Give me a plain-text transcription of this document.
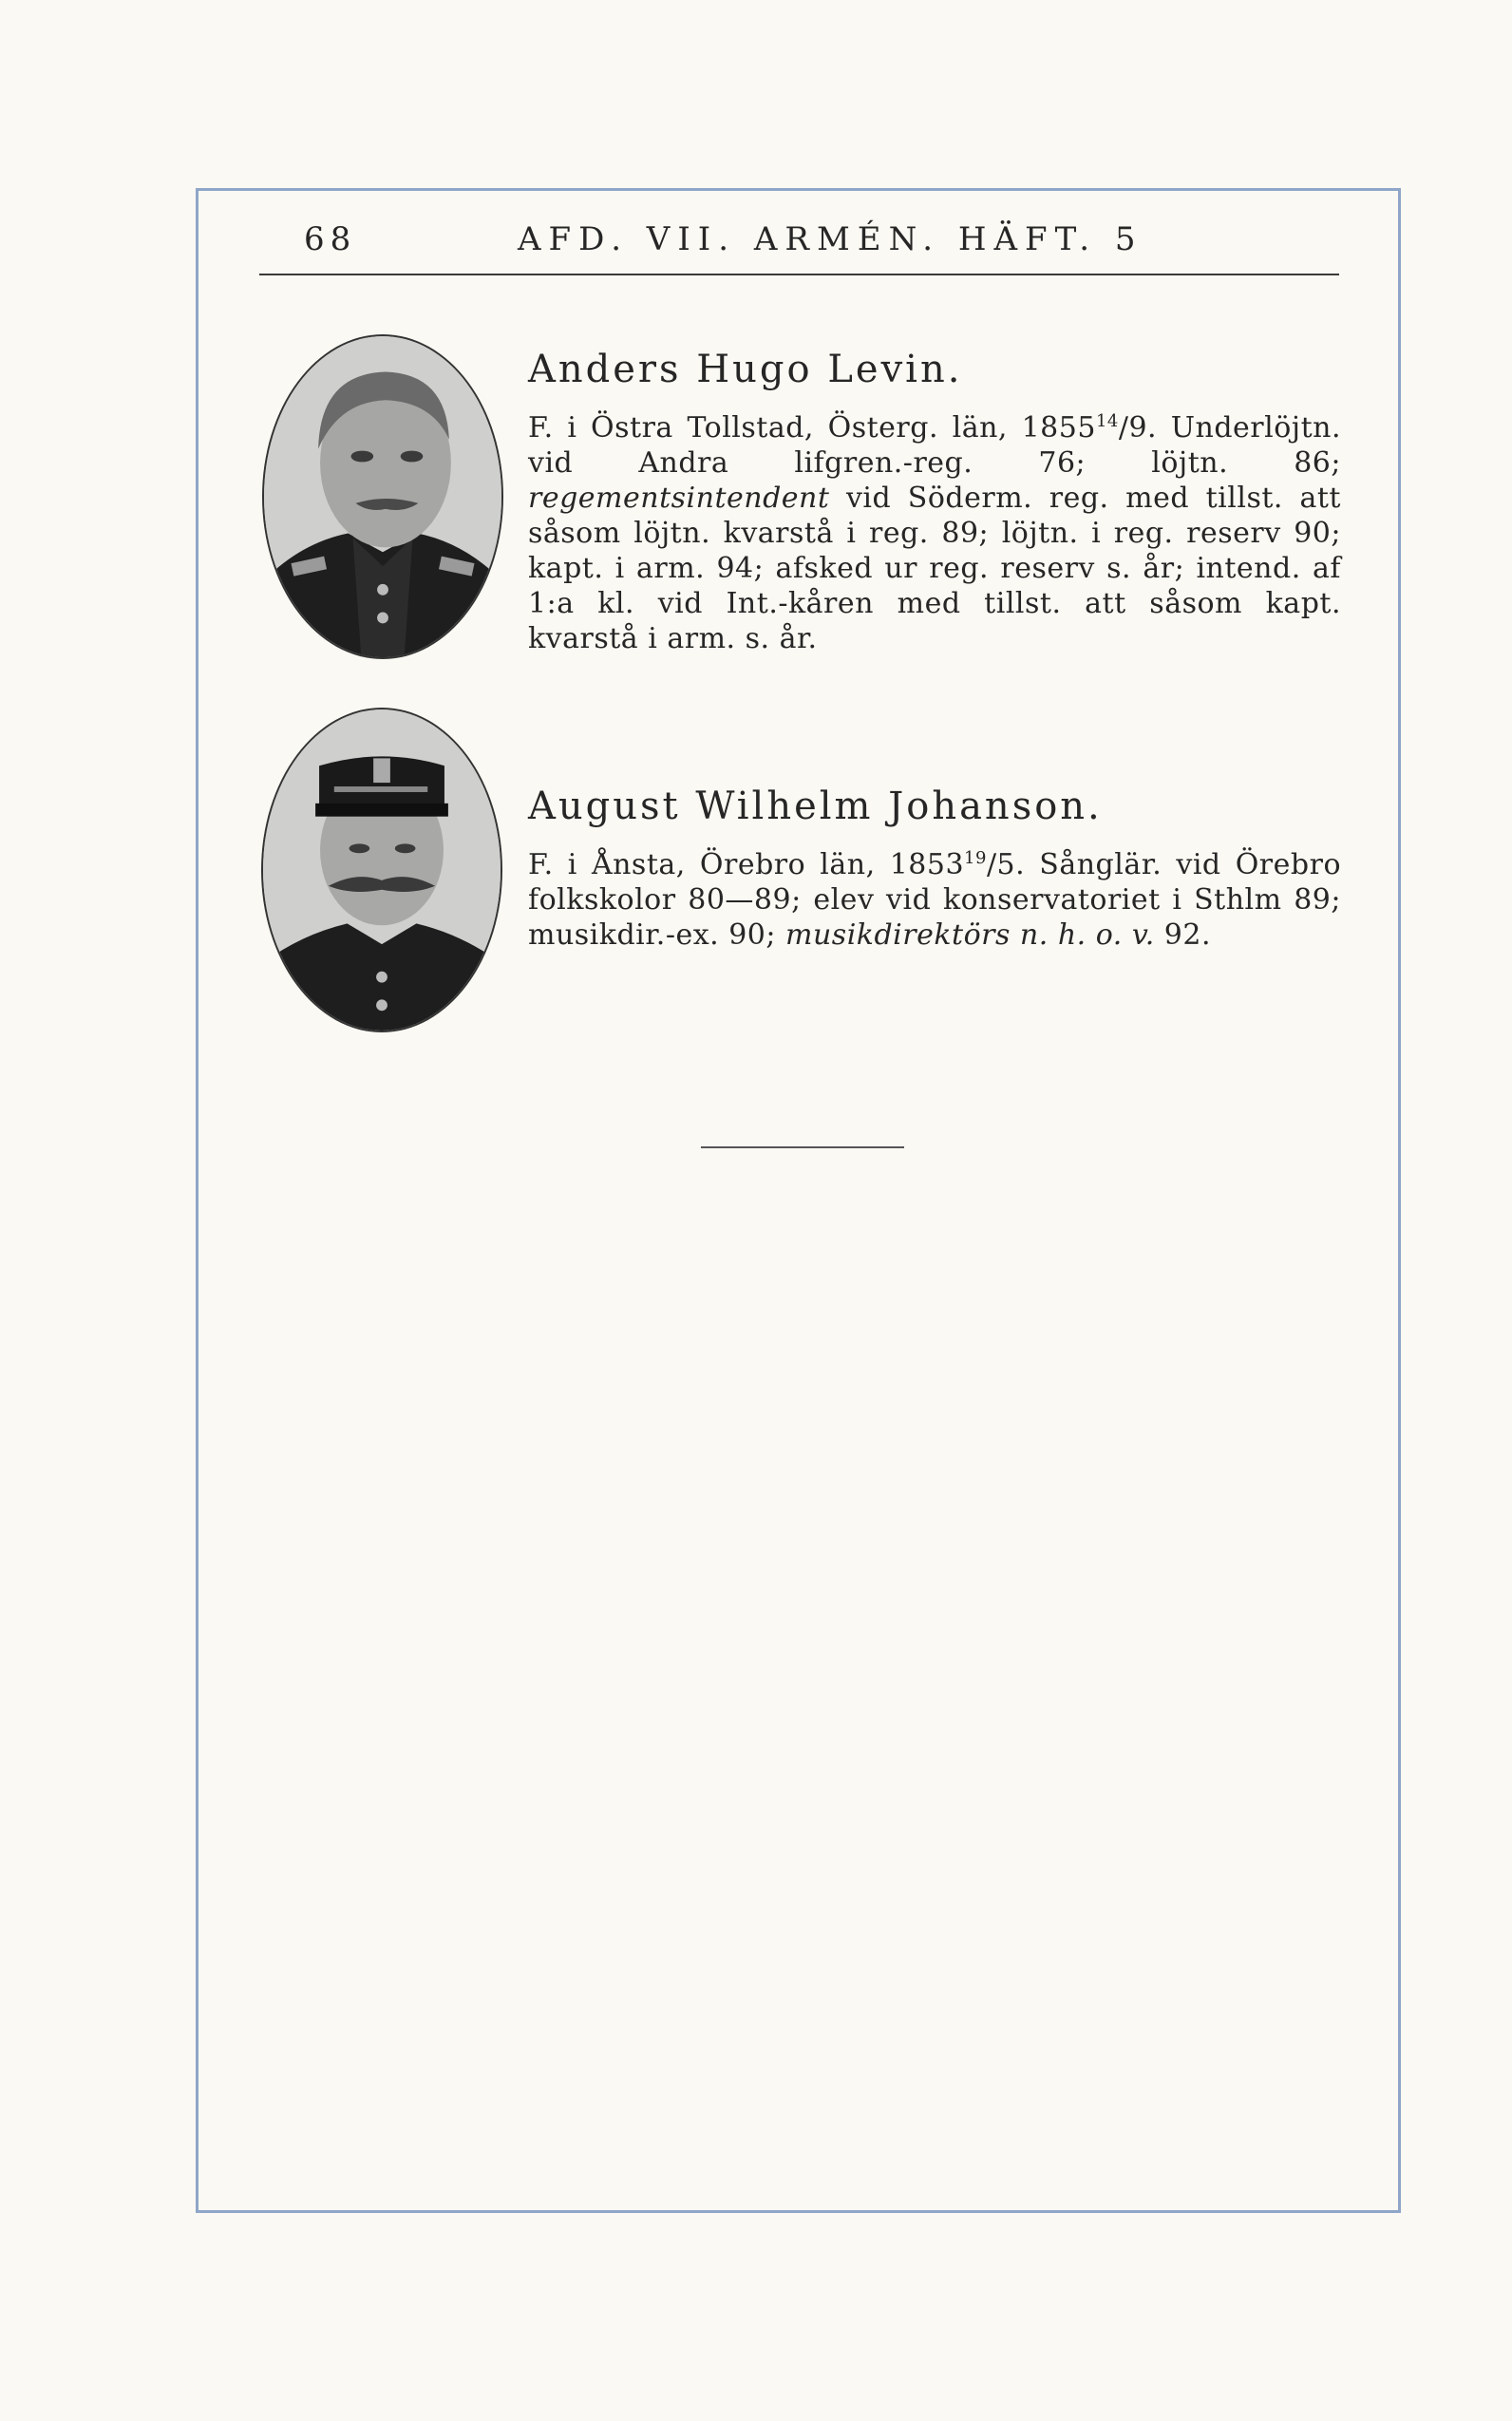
68	AFD. VII. ARMÉN. HÄFT. 5
Anders Hugo Levin.
F. i Östra Tollstad, Österg. län, 1855$^{14}$/9. Underlöjtn. vid Andra lifgren.-reg. 76; löjtn. 86; regementsintendent vid Söderm. reg. med tillst. att såsom löjtn. kvarstå i reg. 89; löjtn. i reg. reserv 90; kapt. i arm. 94; afsked ur reg. reserv s. år; intend. af 1:a kl. vid Int.-kåren med tillst. att såsom kapt. kvarstå i arm. s. år.
August Wilhelm Johanson.
F. i Ånsta, Örebro län, 1853$^{19}$/5. Sånglär. vid Örebro folkskolor 80—89; elev vid konservatoriet i Sthlm 89; musikdir.-ex. 90; musikdirektörs n. h. o. v. 92.
